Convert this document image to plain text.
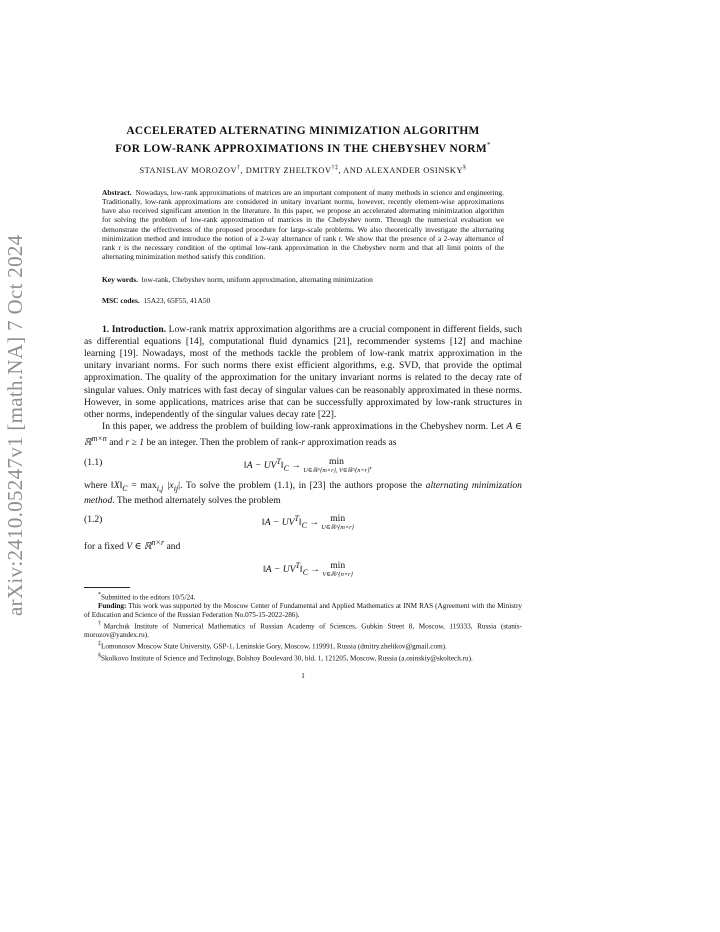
arXiv:2410.05247v1 [math.NA] 7 Oct 2024
ACCELERATED ALTERNATING MINIMIZATION ALGORITHM
FOR LOW-RANK APPROXIMATIONS IN THE CHEBYSHEV NORM*
STANISLAV MOROZOV†, DMITRY ZHELTKOV†‡, AND ALEXANDER OSINSKY§
Abstract. Nowadays, low-rank approximations of matrices are an important component of many methods in science and engineering. Traditionally, low-rank approximations are considered in unitary invariant norms, however, recently element-wise approximations have also received significant attention in the literature. In this paper, we propose an accelerated alternating minimization algorithm for solving the problem of low-rank approximation of matrices in the Chebyshev norm. Through the numerical evaluation we demonstrate the effectiveness of the proposed procedure for large-scale problems. We also theoretically investigate the alternating minimization method and introduce the notion of a 2-way alternance of rank r. We show that the presence of a 2-way alternance of rank r is the necessary condition of the optimal low-rank approximation in the Chebyshev norm and that all limit points of the alternating minimization method satisfy this condition.
Key words. low-rank, Chebyshev norm, uniform approximation, alternating minimization
MSC codes. 15A23, 65F55, 41A50

1. Introduction. Low-rank matrix approximation algorithms are a crucial component in different fields, such as differential equations [14], computational fluid dynamics [21], recommender systems [12] and machine learning [19]. Nowadays, most of the methods tackle the problem of low-rank matrix approximation in the unitary invariant norms. For such norms there exist efficient algorithms, e.g. SVD, that provide the optimal approximation. The quality of the approximation for the unitary invariant norms is related to the decay rate of singular values. Only matrices with fast decay of singular values can be reasonably approximated in these norms. However, in some applications, matrices arise that can be successfully approximated by low-rank structures in other norms, independently of the singular values decay rate [22].

In this paper, we address the problem of building low-rank approximations in the Chebyshev norm. Let A ∈ ℝ$^{m\times n}$ and r ≥ 1 be an integer. Then the problem of rank-r approximation reads as

(1.1)	‖A − $UV^T‖_C$ →	min
U∈ℝ^{m×r}, V∈ℝ^{n×r} ,
where $‖X‖_C = \max_{i,j} |x_{ij}|$. To solve the problem (1.1), in [23] the authors propose the alternating minimization method. The method alternately solves the problem
(1.2)	‖A − $UV^T‖_C \to \min$
U∈ℝ^{m×r}
for a fixed V ∈ ℝ$^{n\times r}$ and
‖A − $UV^T‖_C \to \min$
V∈ℝ^{n×r}

*Submitted to the editors 10/5/24.

Funding: This work was supported by the Moscow Center of Fundamental and Applied Mathematics at INM RAS (Agreement with the Ministry of Education and Science of the Russian Federation No.075-15-2022-286).

†Marchuk Institute of Numerical Mathematics of Russian Academy of Sciences, Gubkin Street 8, Moscow, 119333, Russia (stanis-morozov@yandex.ru).

‡Lomonosov Moscow State University, GSP-1, Leninskie Gory, Moscow, 119991, Russia (dmitry.zheltkov@gmail.com).

§Skolkovo Institute of Science and Technology, Bolshoy Boulevard 30, bld. 1, 121205, Moscow, Russia (a.osinskiy@skoltech.ru).

1
